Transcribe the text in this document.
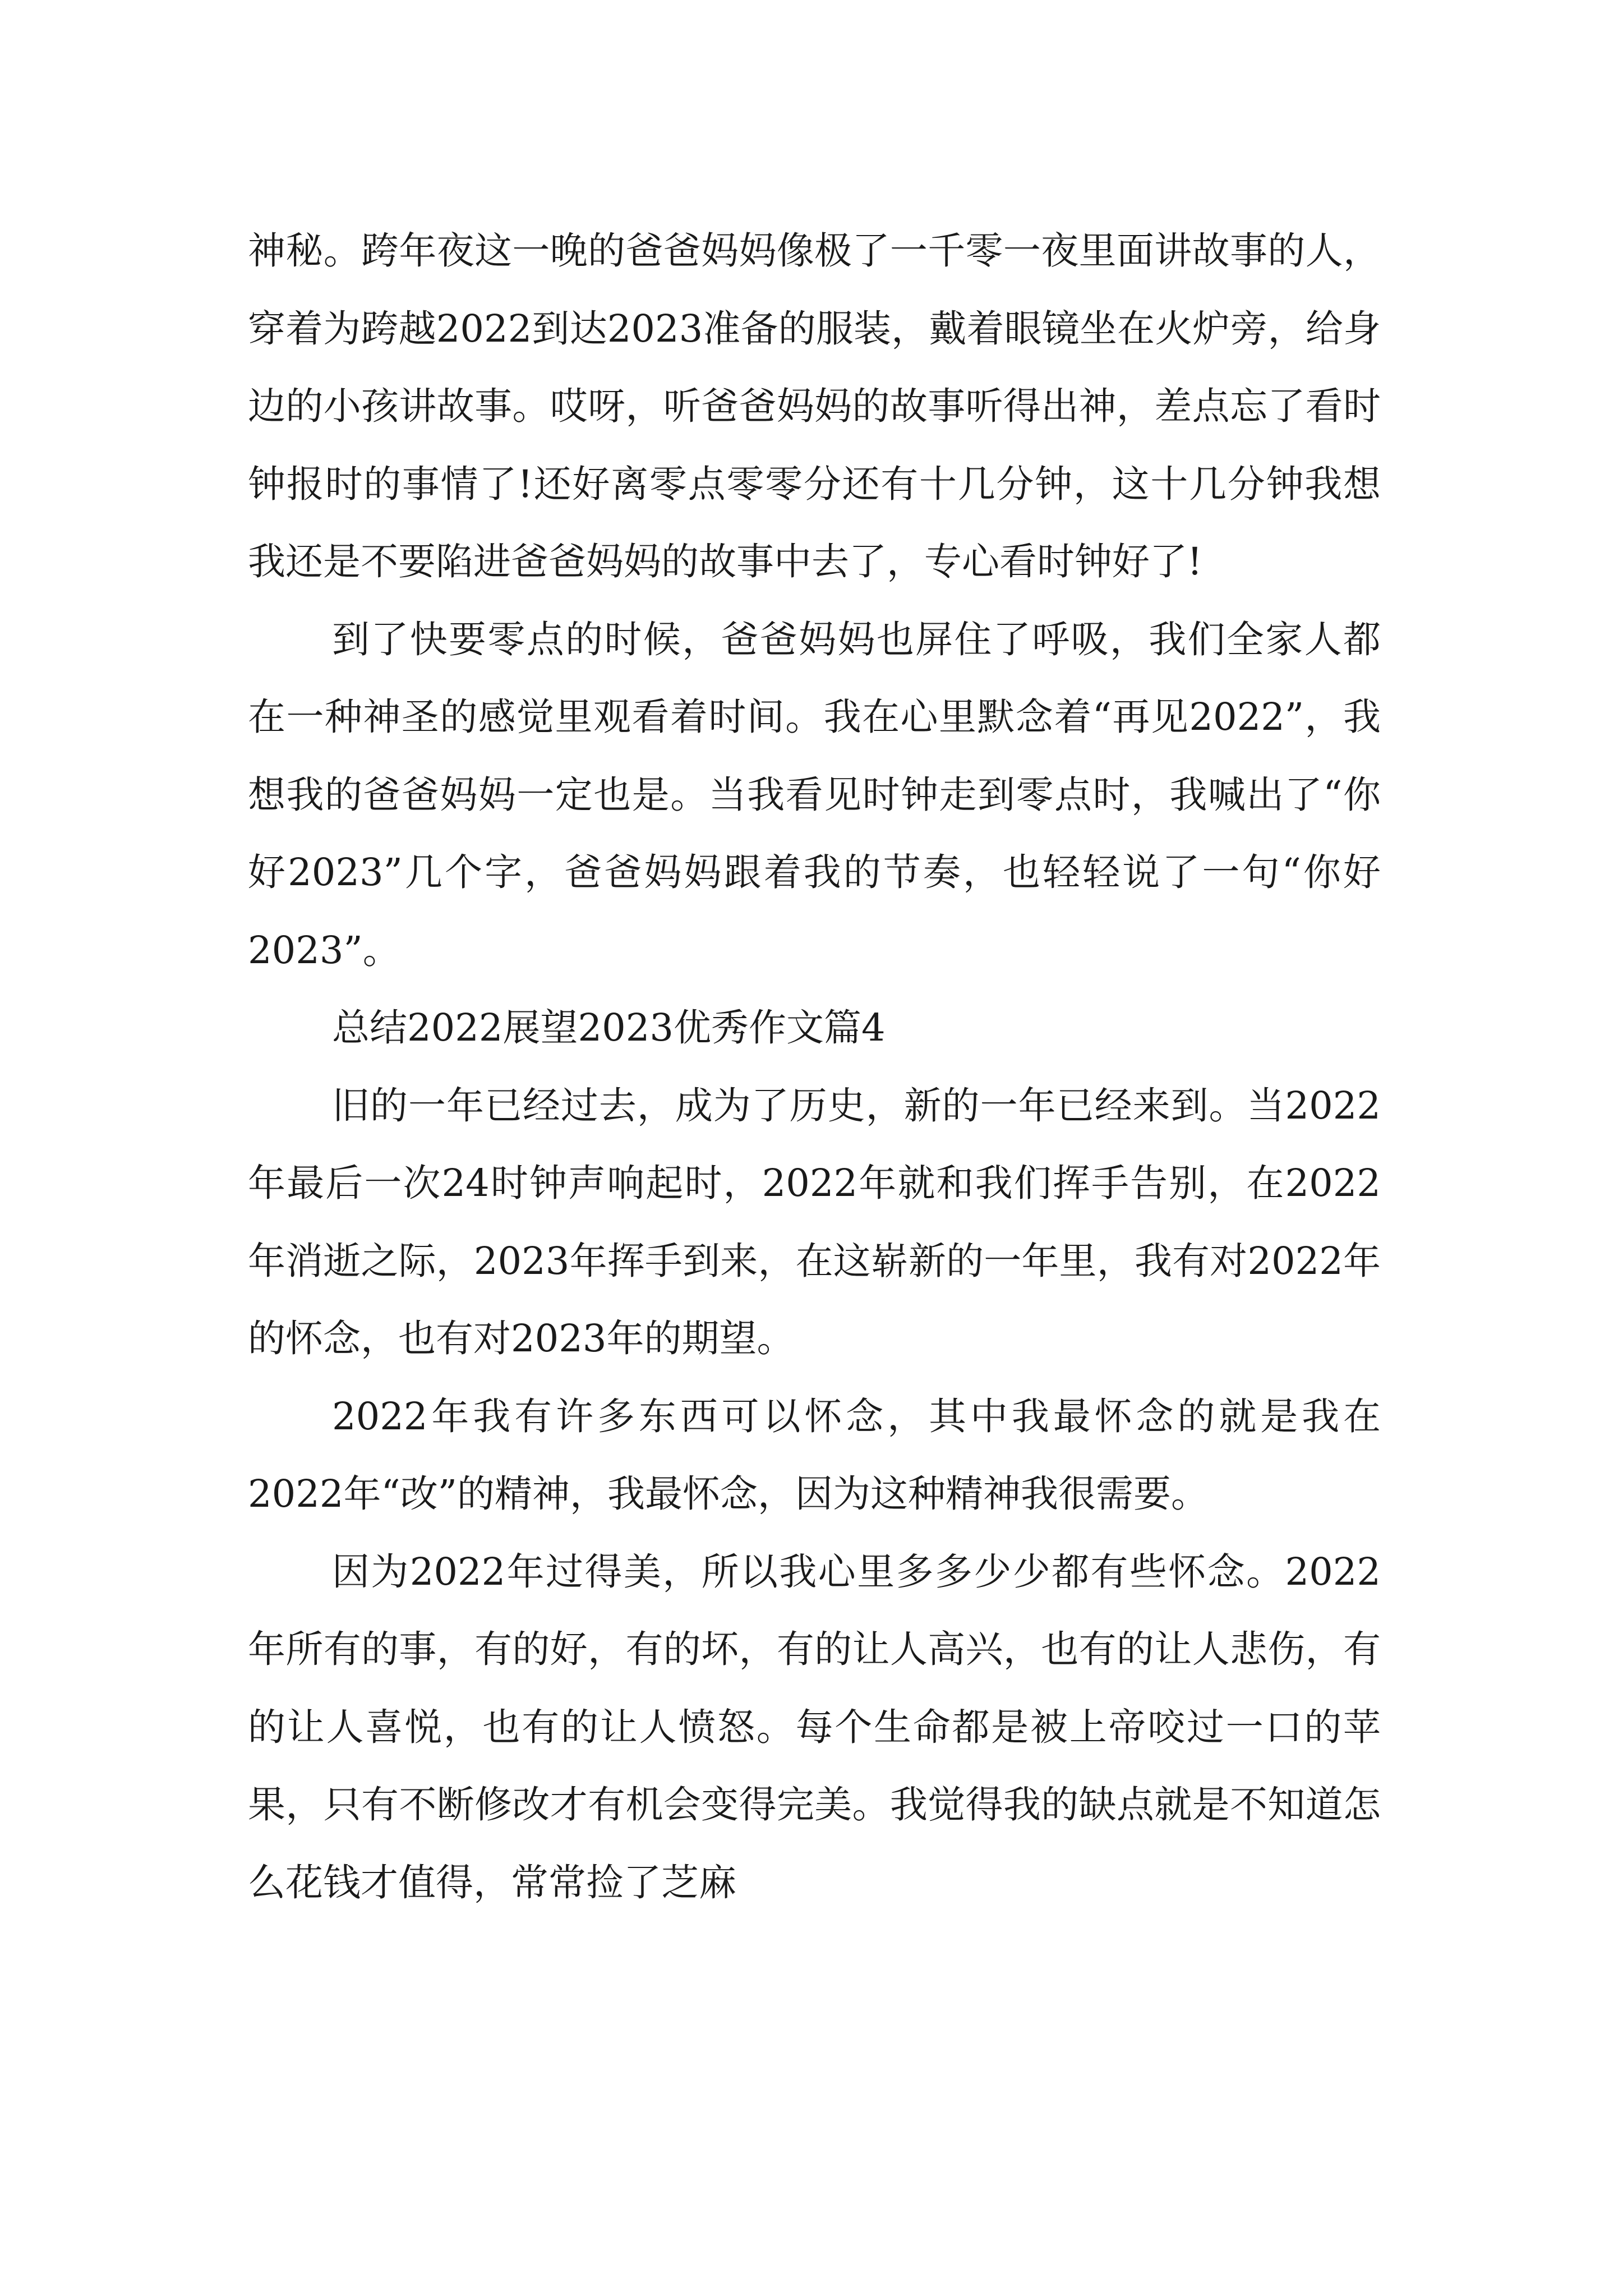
神秘。跨年夜这一晚的爸爸妈妈像极了一千零一夜里面讲故事的人，穿着为跨越2022到达2023准备的服装，戴着眼镜坐在火炉旁，给身边的小孩讲故事。哎呀，听爸爸妈妈的故事听得出神，差点忘了看时钟报时的事情了!还好离零点零零分还有十几分钟，这十几分钟我想我还是不要陷进爸爸妈妈的故事中去了，专心看时钟好了!

到了快要零点的时候，爸爸妈妈也屏住了呼吸，我们全家人都在一种神圣的感觉里观看着时间。我在心里默念着“再见2022”，我想我的爸爸妈妈一定也是。当我看见时钟走到零点时，我喊出了“你好2023”几个字，爸爸妈妈跟着我的节奏，也轻轻说了一句“你好2023”。

总结2022展望2023优秀作文篇4

旧的一年已经过去，成为了历史，新的一年已经来到。当2022年最后一次24时钟声响起时，2022年就和我们挥手告别，在2022年消逝之际，2023年挥手到来，在这崭新的一年里，我有对2022年的怀念，也有对2023年的期望。

2022年我有许多东西可以怀念，其中我最怀念的就是我在2022年“改”的精神，我最怀念，因为这种精神我很需要。

因为2022年过得美，所以我心里多多少少都有些怀念。2022年所有的事，有的好，有的坏，有的让人高兴，也有的让人悲伤，有的让人喜悦，也有的让人愤怒。每个生命都是被上帝咬过一口的苹果，只有不断修改才有机会变得完美。我觉得我的缺点就是不知道怎么花钱才值得，常常捡了芝麻
